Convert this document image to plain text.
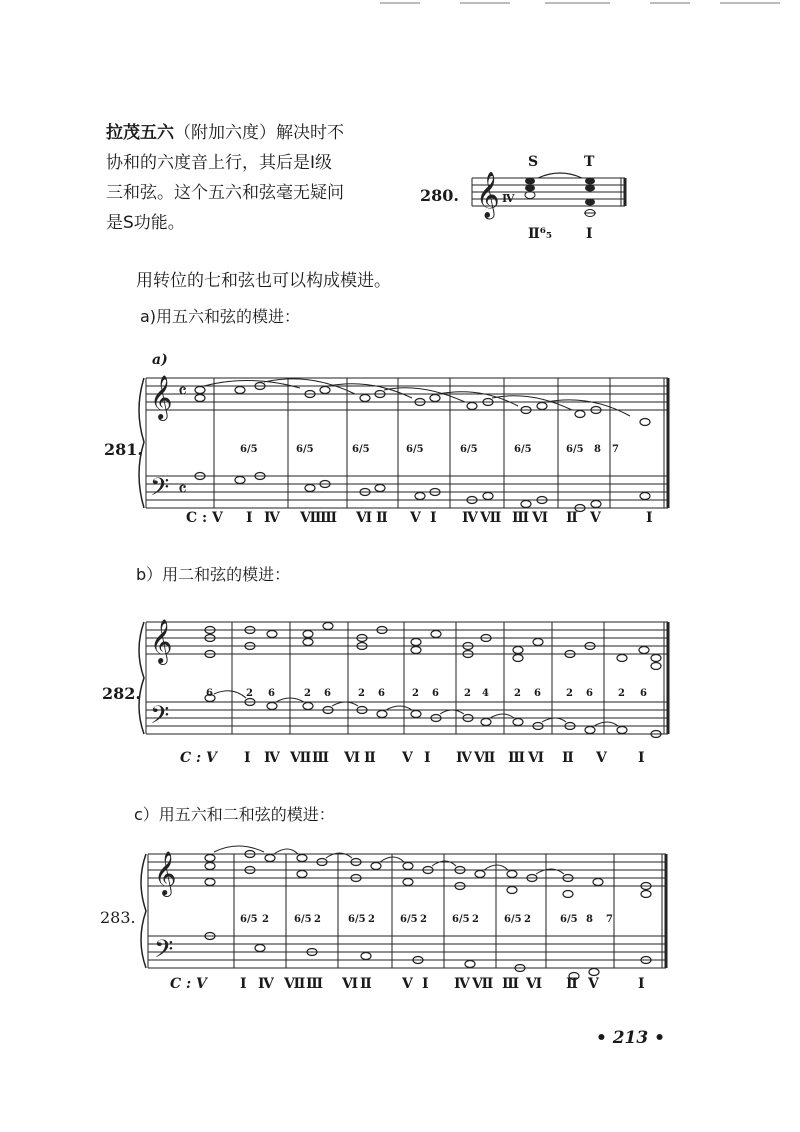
拉茂五六（附加六度）解决时不
协和的六度音上行，其后是Ⅰ级
三和弦。这个五六和弦毫无疑问
是S功能。
280. 𝄞 Ⅳ
S	T
Ⅱ⁶₅ Ⅰ
用转位的七和弦也可以构成模进。
a)用五六和弦的模进：
a)
281.
𝄞
𝄢
𝄴
𝄴
6/5	6/5	6/5	6/5	6/5	6/5	6/5 8 7
C : V Ⅰ Ⅳ Ⅶ
Ⅲ Ⅵ Ⅱ Ⅴ Ⅰ Ⅳ Ⅶ Ⅲ Ⅵ Ⅱ Ⅴ	Ⅰ
b）用二和弦的模进：
282.
𝄞
𝄢
6	2 6	2 6	2 6	2 6	2 4	2 6	2 6	2 6
C : V Ⅰ Ⅳ Ⅶ Ⅲ Ⅵ Ⅱ Ⅴ Ⅰ Ⅳ Ⅶ Ⅲ Ⅵ Ⅱ Ⅴ Ⅰ
c）用五六和二和弦的模进：
283.
𝄞
𝄢
6/5 2	6/5 2	6/5 2	6/5 2	6/5 2	6/5 2	6/5 8 7
C : V Ⅰ Ⅳ Ⅶ Ⅲ Ⅵ Ⅱ Ⅴ Ⅰ Ⅳ Ⅶ Ⅲ Ⅵ Ⅱ Ⅴ	Ⅰ
• 213 •
